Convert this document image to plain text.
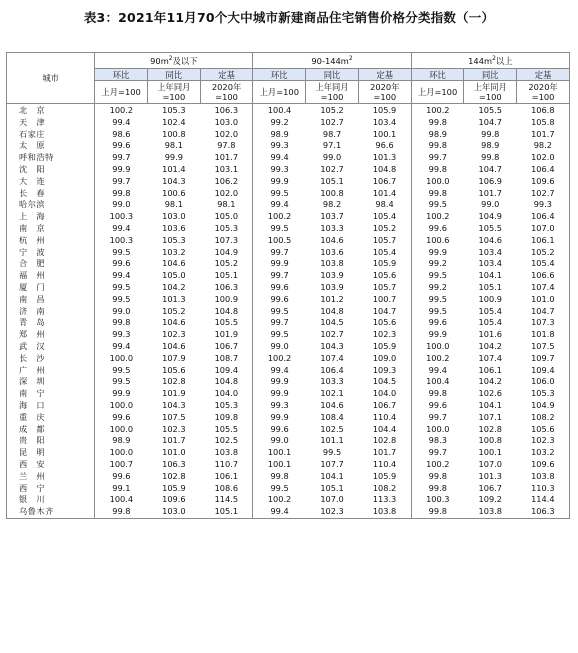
表3：2021年11月70个大中城市新建商品住宅销售价格分类指数（一）
城市	$90m^2$及以下			$90-144m^2$			$144m^2$以上		
	环比	同比	定基	环比	同比	定基	环比	同比	定基
	上月=100	上年同月=100	2020年=100	上月=100	上年同月=100	2020年=100	上月=100	上年同月=100	2020年=100
北　京	100.2	105.3	106.3	100.4	105.2	105.9	100.2	105.5	106.8
天　津	99.4	102.4	103.0	99.2	102.7	103.4	99.8	104.7	105.8
石家庄	98.6	100.8	102.0	98.9	98.7	100.1	98.9	99.8	101.7
太　原	99.6	98.1	97.8	99.3	97.1	96.6	99.8	98.9	98.2
呼和浩特	99.7	99.9	101.7	99.4	99.0	101.3	99.7	99.8	102.0
沈　阳	99.9	101.4	103.1	99.3	102.7	104.8	99.8	104.7	106.4
大　连	99.7	104.3	106.2	99.9	105.1	106.7	100.0	106.9	109.6
长　春	99.8	100.6	102.0	99.5	100.8	101.4	99.8	101.7	102.7
哈尔滨	99.0	98.1	98.1	99.4	98.2	98.4	99.5	99.0	99.3
上　海	100.3	103.0	105.0	100.2	103.7	105.4	100.2	104.9	106.4
南　京	99.4	103.6	105.3	99.5	103.3	105.2	99.6	105.5	107.0
杭　州	100.3	105.3	107.3	100.5	104.6	105.7	100.6	104.6	106.1
宁　波	99.5	103.2	104.9	99.7	103.6	105.4	99.9	103.4	105.2
合　肥	99.6	104.6	105.2	99.9	103.8	105.9	99.2	103.4	105.4
福　州	99.4	105.0	105.1	99.7	103.9	105.6	99.5	104.1	106.6
厦　门	99.5	104.2	106.3	99.6	103.9	105.7	99.2	105.1	107.4
南　昌	99.5	101.3	100.9	99.6	101.2	100.7	99.5	100.9	101.0
济　南	99.0	105.2	104.8	99.5	104.8	104.7	99.5	105.4	104.7
青　岛	99.8	104.6	105.5	99.7	104.5	105.6	99.6	105.4	107.3
郑　州	99.3	102.3	101.9	99.5	102.7	102.3	99.9	101.6	101.8
武　汉	99.4	104.6	106.7	99.0	104.3	105.9	100.0	104.2	107.5
长　沙	100.0	107.9	108.7	100.2	107.4	109.0	100.2	107.4	109.7
广　州	99.5	105.6	109.4	99.4	106.4	109.3	99.4	106.1	109.4
深　圳	99.5	102.8	104.8	99.9	103.3	104.5	100.4	104.2	106.0
南　宁	99.9	101.9	104.0	99.9	102.1	104.0	99.8	102.6	105.3
海　口	100.0	104.3	105.3	99.3	104.6	106.7	99.6	104.1	104.9
重　庆	99.6	107.5	109.8	99.9	108.4	110.4	99.7	107.1	108.2
成　都	100.0	102.3	105.5	99.6	102.5	104.4	100.0	102.8	105.6
贵　阳	98.9	101.7	102.5	99.0	101.1	102.8	98.3	100.8	102.3
昆　明	100.0	101.0	103.8	100.1	99.5	101.7	99.7	100.1	103.2
西　安	100.7	106.3	110.7	100.1	107.7	110.4	100.2	107.0	109.6
兰　州	99.6	102.8	106.1	99.8	104.1	105.9	99.8	101.3	103.8
西　宁	99.1	105.9	108.6	99.5	105.1	108.2	99.8	106.7	110.3
银　川	100.4	109.6	114.5	100.2	107.0	113.3	100.3	109.2	114.4
乌鲁木齐	99.8	103.0	105.1	99.4	102.3	103.8	99.8	103.8	106.3
